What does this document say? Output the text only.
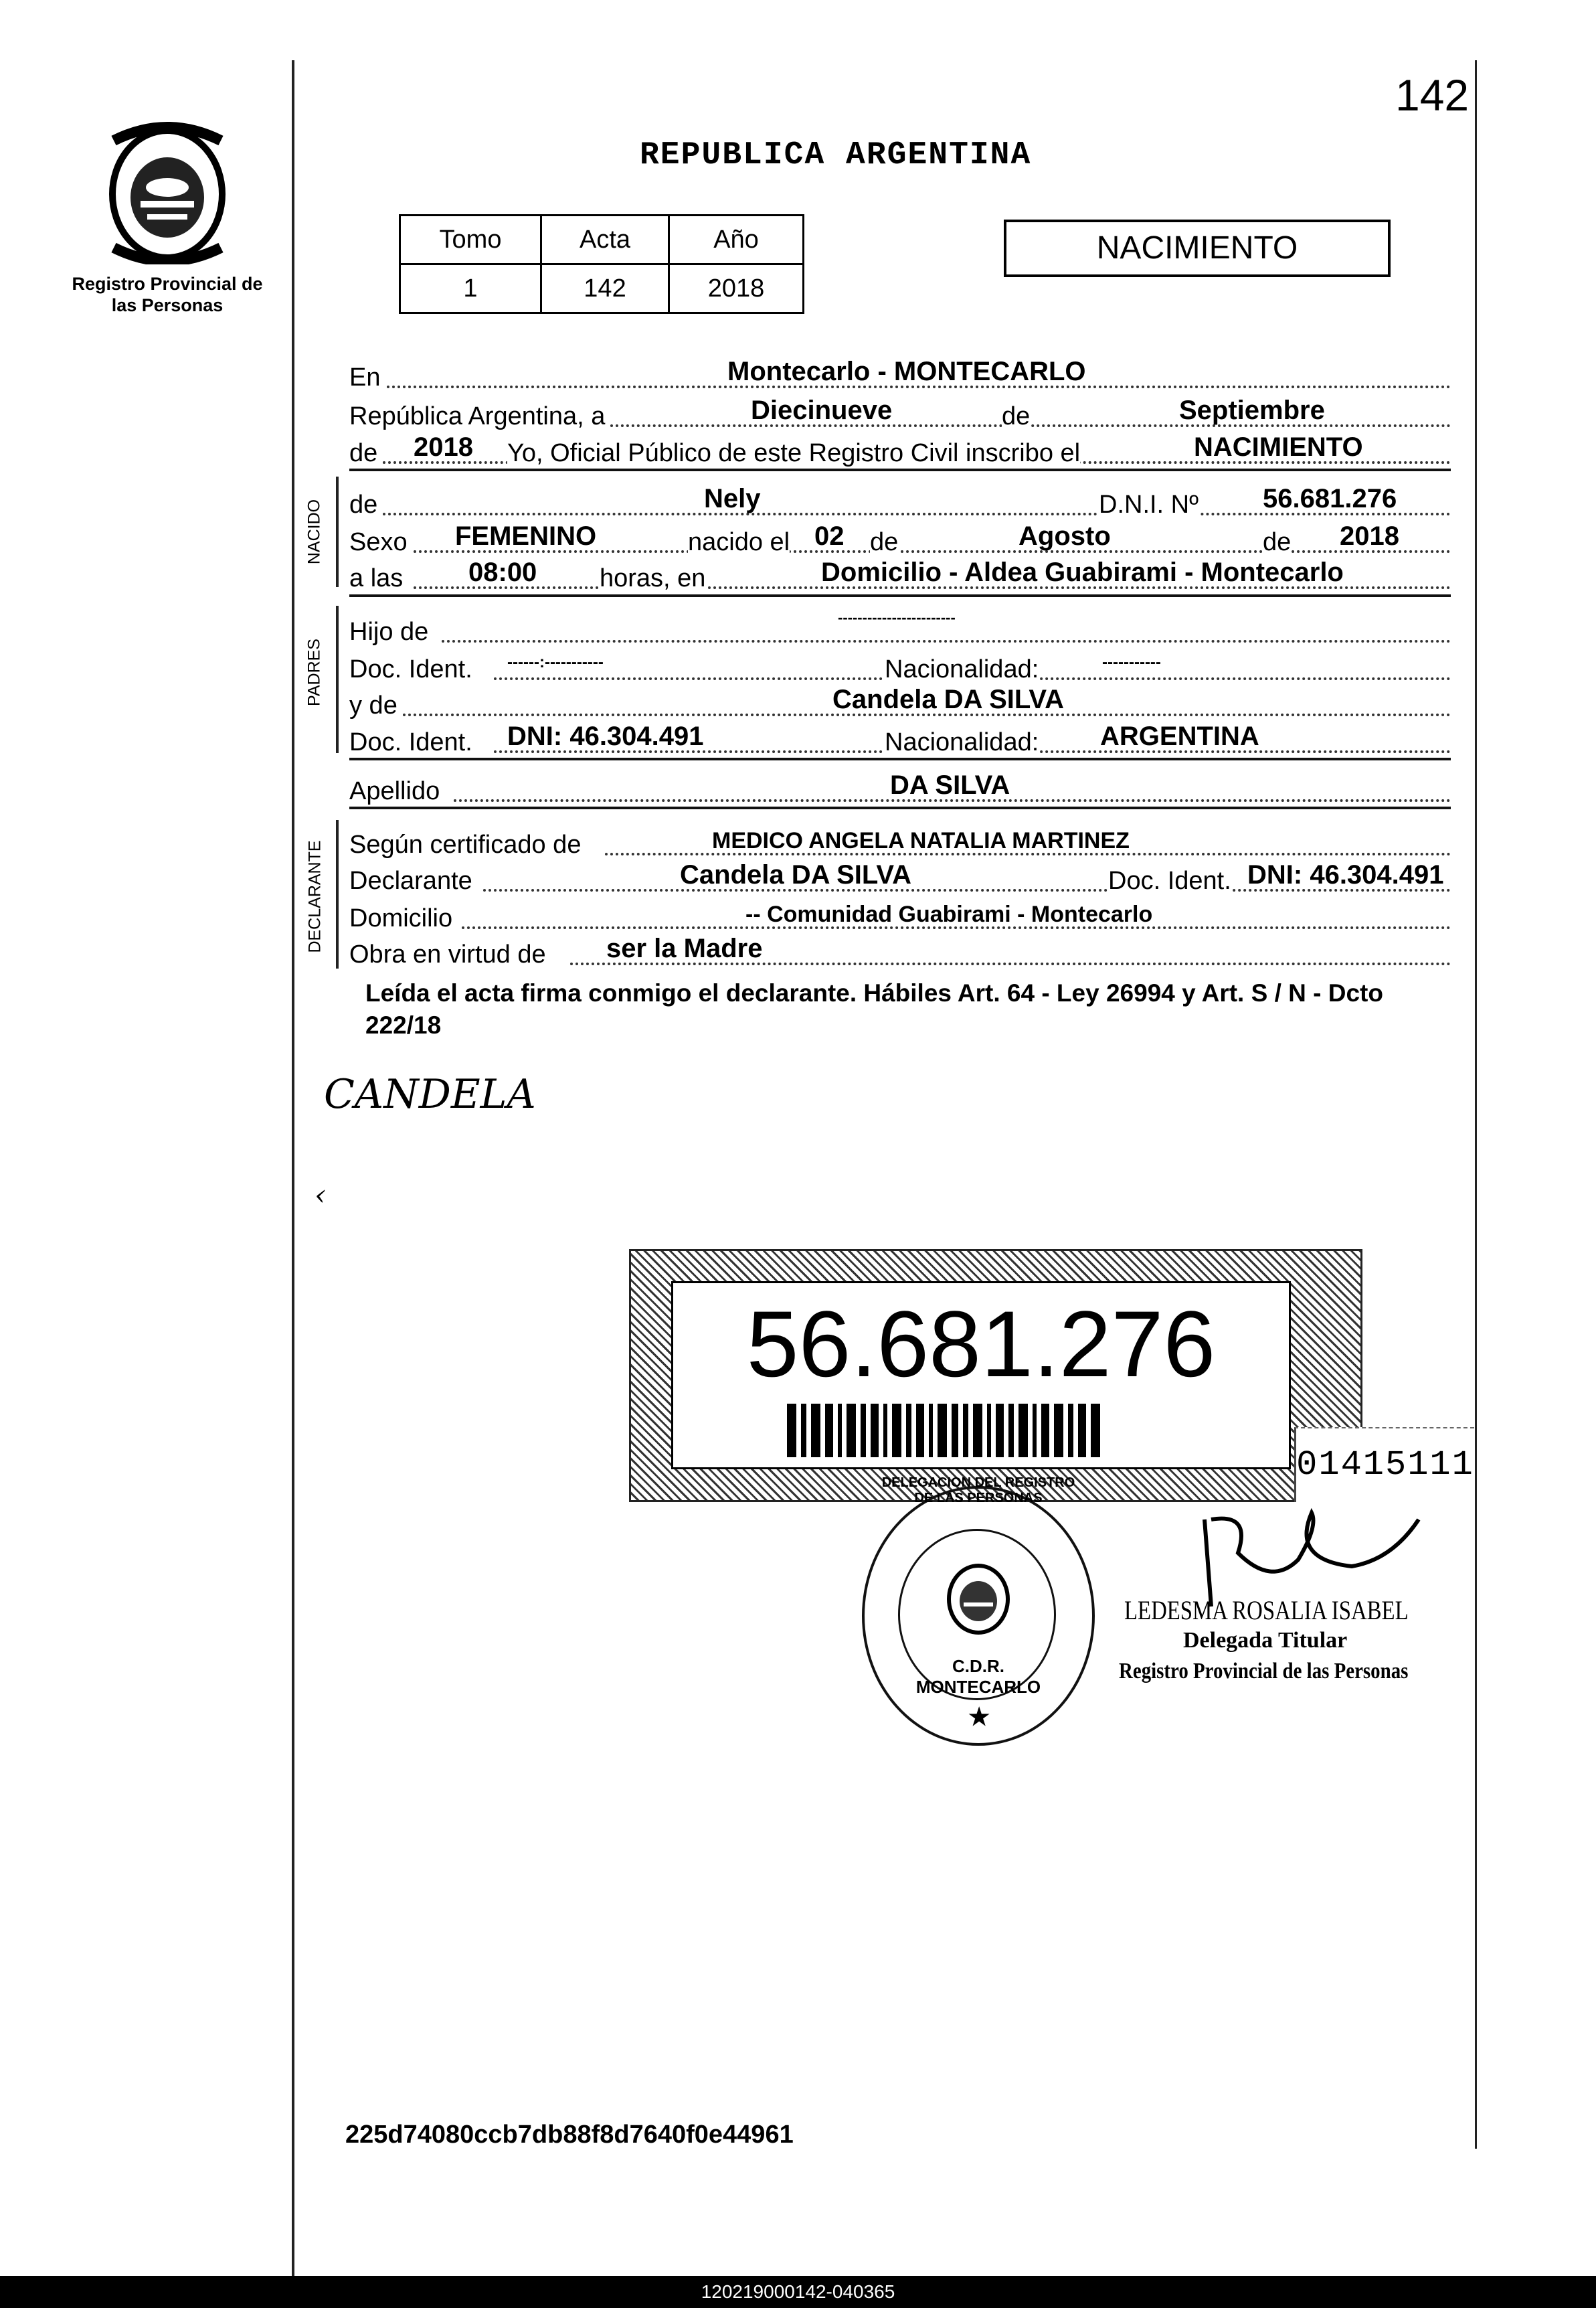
Registro Provincial de las Personas
142
REPUBLICA ARGENTINA
Tomo	Acta	Año
1	142	2018
NACIMIENTO
En	Montecarlo - MONTECARLO
República Argentina, a	Diecinueve	de	Septiembre
de 2018 Yo, Oficial Público de este Registro Civil inscribo el	NACIMIENTO
NACIDO de	Nely	D.N.I. Nº 56.681.276
Sexo FEMENINO	nacido el 02 de	Agosto	de 2018
a las 08:00 horas, en	Domicilio - Aldea Guabirami - Montecarlo
PADRES
Hijo de
------------------------
Doc. Ident. ------:-----------	Nacionalidad:	-----------
y de	Candela DA SILVA
Doc. Ident. DNI: 46.304.491	Nacionalidad: ARGENTINA
Apellido	DA SILVA
DECLARANTE Según certificado de	MEDICO ANGELA NATALIA MARTINEZ
Declarante	Candela DA SILVA	Doc. Ident. DNI: 46.304.491
Domicilio	-- Comunidad Guabirami - Montecarlo
Obra en virtud de ser la Madre
Leída el acta firma conmigo el declarante. Hábiles Art. 64 - Ley 26994 y Art. S / N - Dcto 222/18
CANDELA
‹
56.681.276
01415111
DELEGACION DEL REGISTRO DE LAS PERSONAS
C.D.R. MONTECARLO
★
LEDESMA ROSALIA ISABEL
Delegada Titular
Registro Provincial de las Personas
225d74080ccb7db88f8d7640f0e44961
120219000142-040365
